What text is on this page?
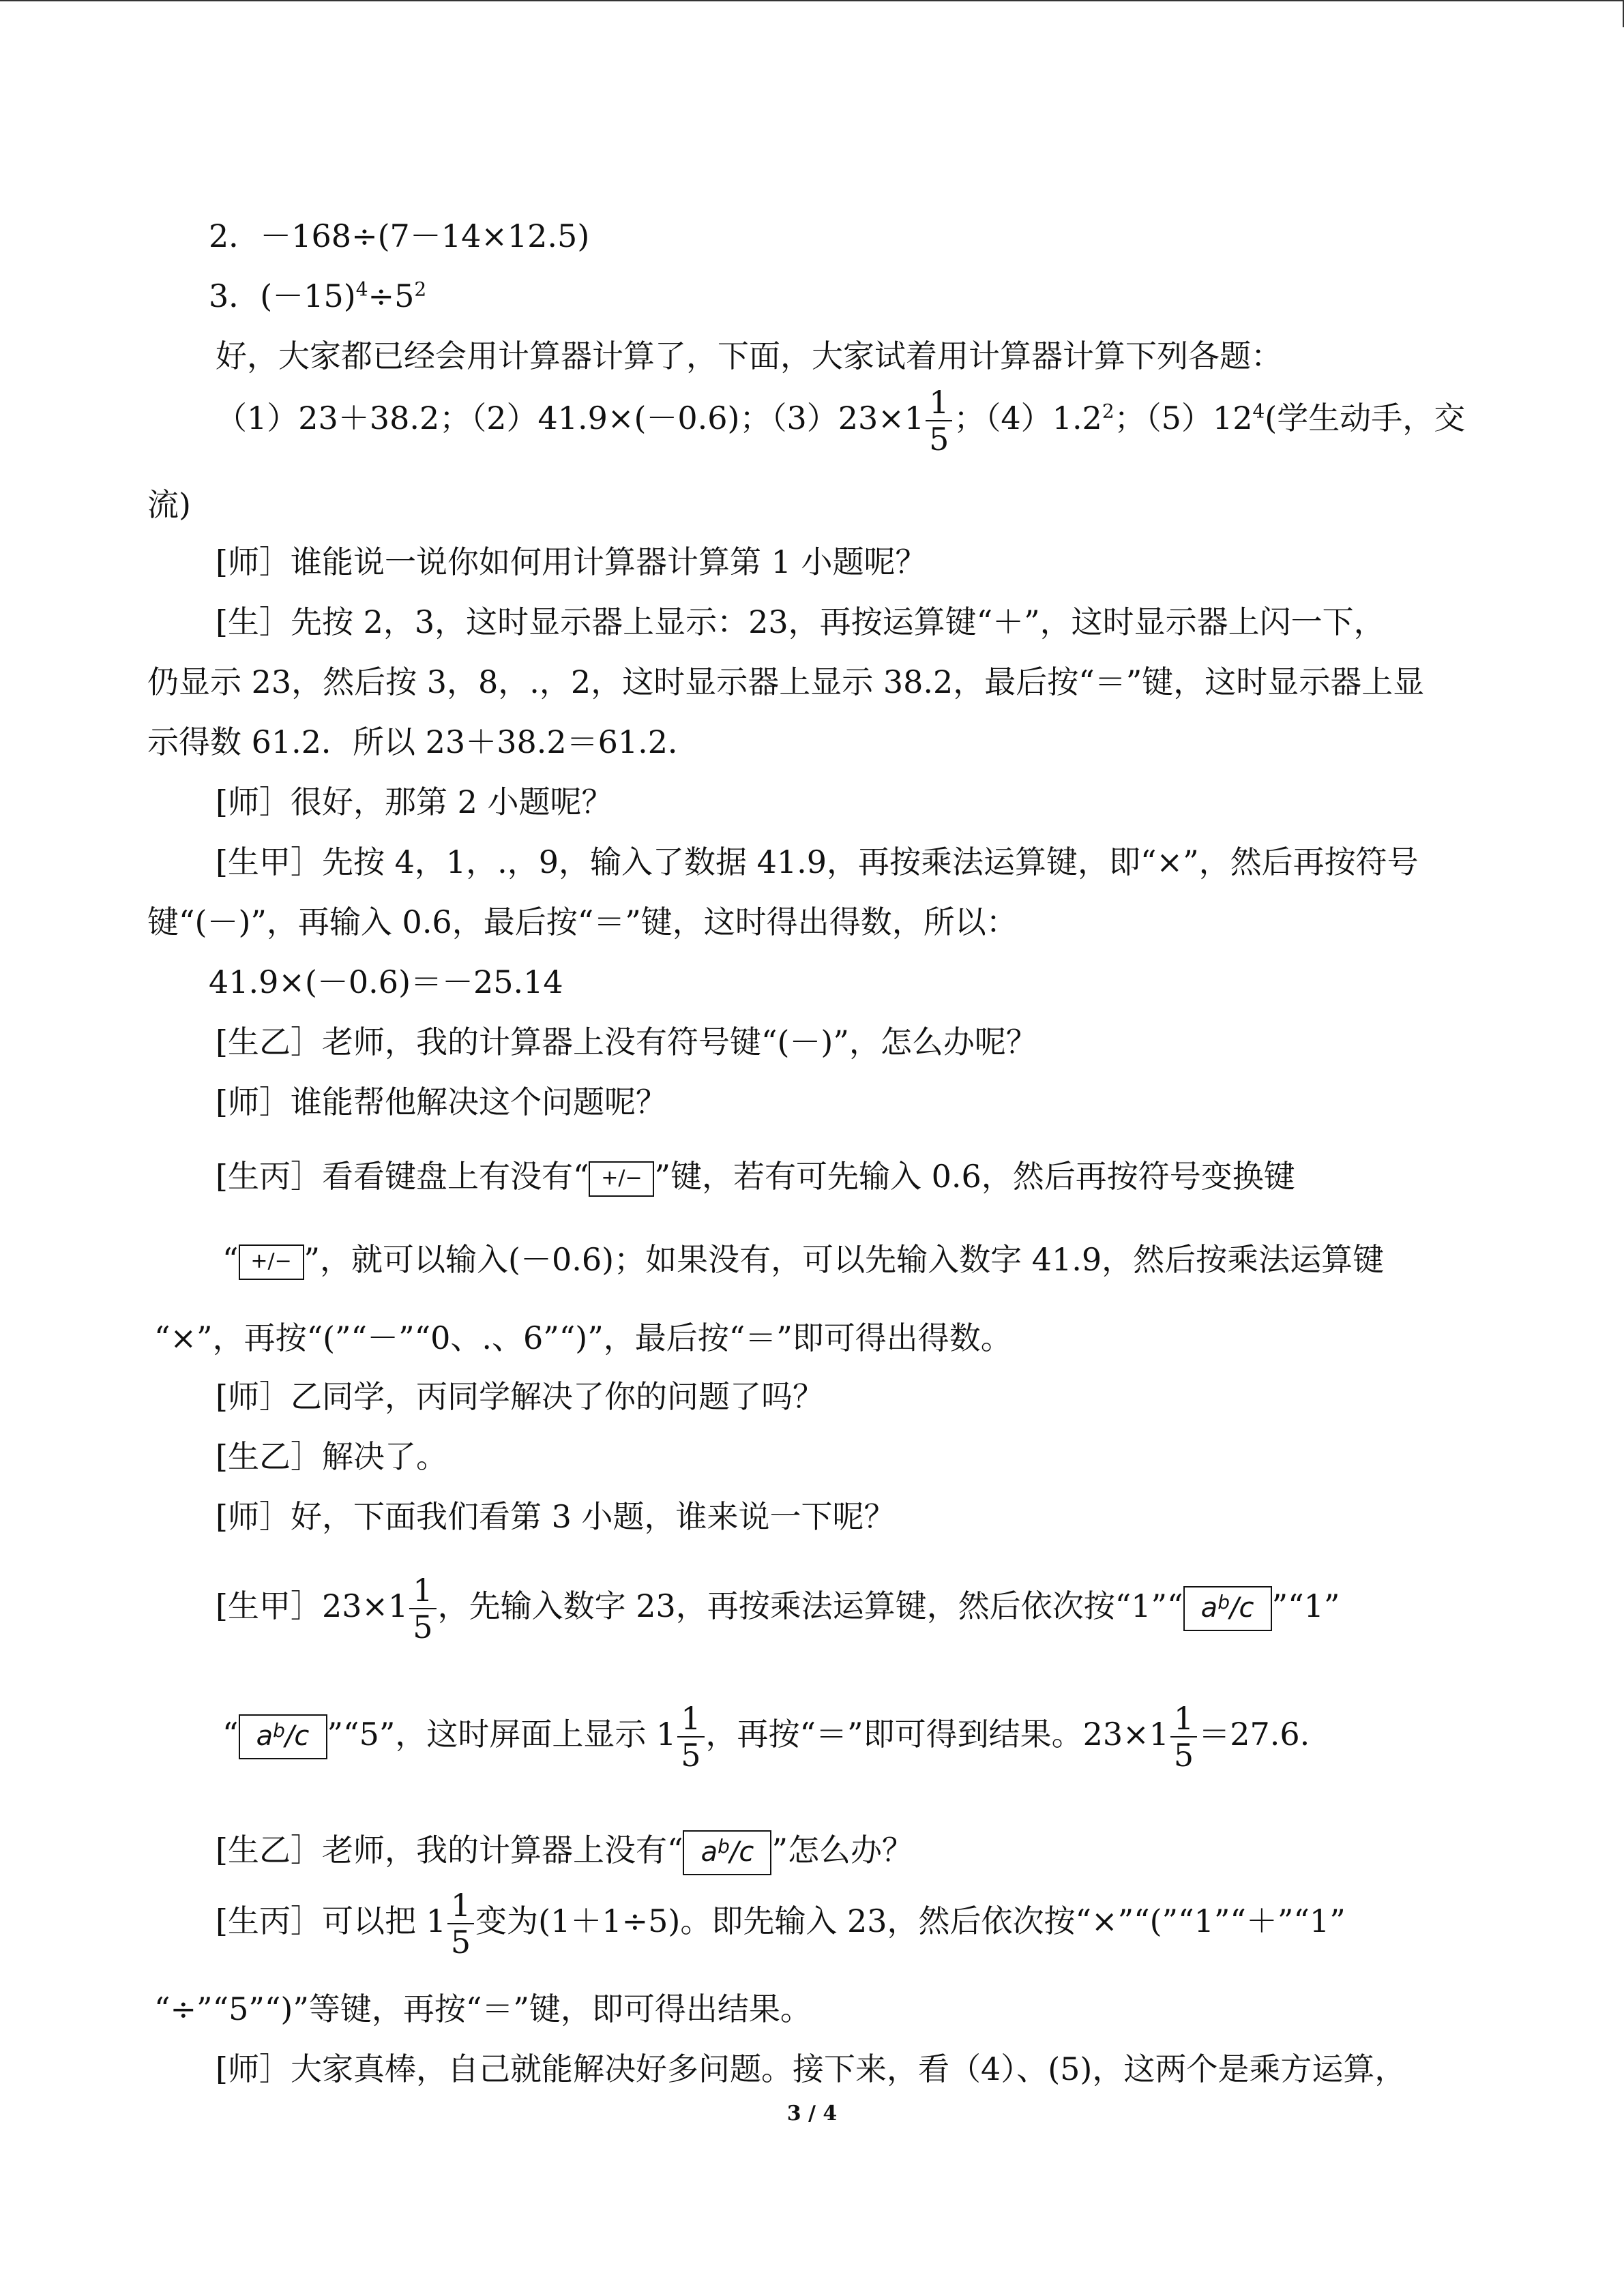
2．－168÷(7－14×12.5)
3．$(-15)^4\div 5^2$
好，大家都已经会用计算器计算了，下面，大家试着用计算器计算下列各题：
（1）23＋38.2；（2）41.9×(－0.6)；$(3)23\times 1 \frac{1}{5}$ ；$(4)1.2^2$；$(5)12^4$(学生动手，交
流)
[师］谁能说一说你如何用计算器计算第 1 小题呢？
[生］先按 2，3，这时显示器上显示：23，再按运算键“＋”，这时显示器上闪一下，
仍显示 23，然后按 3，8，.，2，这时显示器上显示 38.2，最后按“＝”键，这时显示器上显
示得数 61.2．所以 23＋38.2＝61.2．
[师］很好，那第 2 小题呢？
[生甲］先按 4，1，.，9，输入了数据 41.9，再按乘法运算键，即“×”，然后再按符号
键“(－)”，再输入 0.6，最后按“＝”键，这时得出得数，所以：
41.9×(－0.6)＝－25.14
[生乙］老师，我的计算器上没有符号键“(－)”，怎么办呢？
[师］谁能帮他解决这个问题呢？
[生丙］看看键盘上有没有“ +/− ”键，若有可先输入 0.6，然后再按符号变换键
“ +/− ”，就可以输入(－0.6)；如果没有，可以先输入数字 41.9，然后按乘法运算键
“×”，再按“(”“－”“0、.、6”“)”，最后按“＝”即可得出得数。
[师］乙同学，丙同学解决了你的问题了吗？
[生乙］解决了。
[师］好，下面我们看第 3 小题，谁来说一下呢？
[生甲］23×1 $\frac{1}{5}$ ，先输入数字 23，再按乘法运算键，然后依次按“1”“ $a^b/c$ ”“1”
“ $a^b/c$ ”“5”，这时屏面上显示 $1 \frac{1}{5}$ ，再按“＝”即可得到结果。$23\times 1 \frac{1}{5} =27.6$.
[生乙］老师，我的计算器上没有“ $a^b/c$ ”怎么办？
[生丙］可以把 $1 \frac{1}{5}$ 变为(1＋1÷5)。即先输入 23，然后依次按“×”“(”“1”“＋”“1”
“÷”“5”“)”等键，再按“＝”键，即可得出结果。
[师］大家真棒，自己就能解决好多问题。接下来，看（4）、(5)，这两个是乘方运算，
3 / 4
